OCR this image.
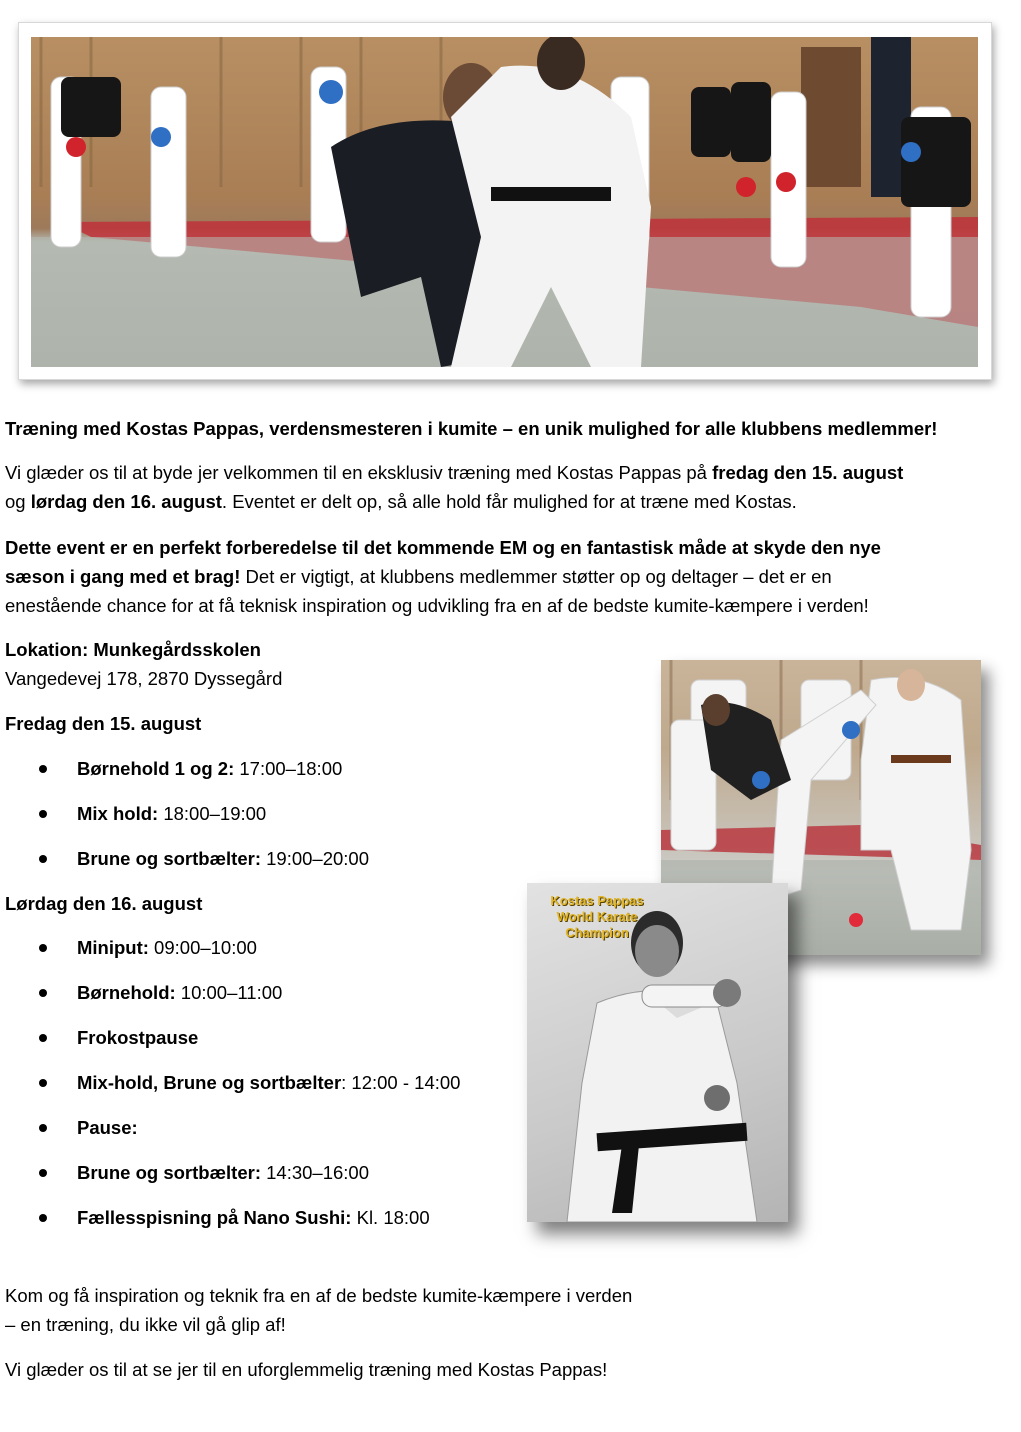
Træning med Kostas Pappas, verdensmesteren i kumite – en unik mulighed for alle klubbens medlemmer!

Vi glæder os til at byde jer velkommen til en eksklusiv træning med Kostas Pappas på fredag den 15. august
og lørdag den 16. august. Eventet er delt op, så alle hold får mulighed for at træne med Kostas.

Dette event er en perfekt forberedelse til det kommende EM og en fantastisk måde at skyde den nye
sæson i gang med et brag! Det er vigtigt, at klubbens medlemmer støtter op og deltager – det er en
enestående chance for at få teknisk inspiration og udvikling fra en af de bedste kumite-kæmpere i verden!

Lokation: Munkegårdsskolen
Vangedevej 178, 2870 Dyssegård

Fredag den 15. august

Børnehold 1 og 2: 17:00–18:00
Mix hold: 18:00–19:00
Brune og sortbælter: 19:00–20:00

Lørdag den 16. august

Miniput: 09:00–10:00
Børnehold: 10:00–11:00
Frokostpause
Mix-hold, Brune og sortbælter: 12:00 - 14:00
Pause:
Brune og sortbælter: 14:30–16:00
Fællesspisning på Nano Sushi: Kl. 18:00
Kostas Pappas
World Karate
Champion

Kom og få inspiration og teknik fra en af de bedste kumite-kæmpere i verden
– en træning, du ikke vil gå glip af!

Vi glæder os til at se jer til en uforglemmelig træning med Kostas Pappas!
